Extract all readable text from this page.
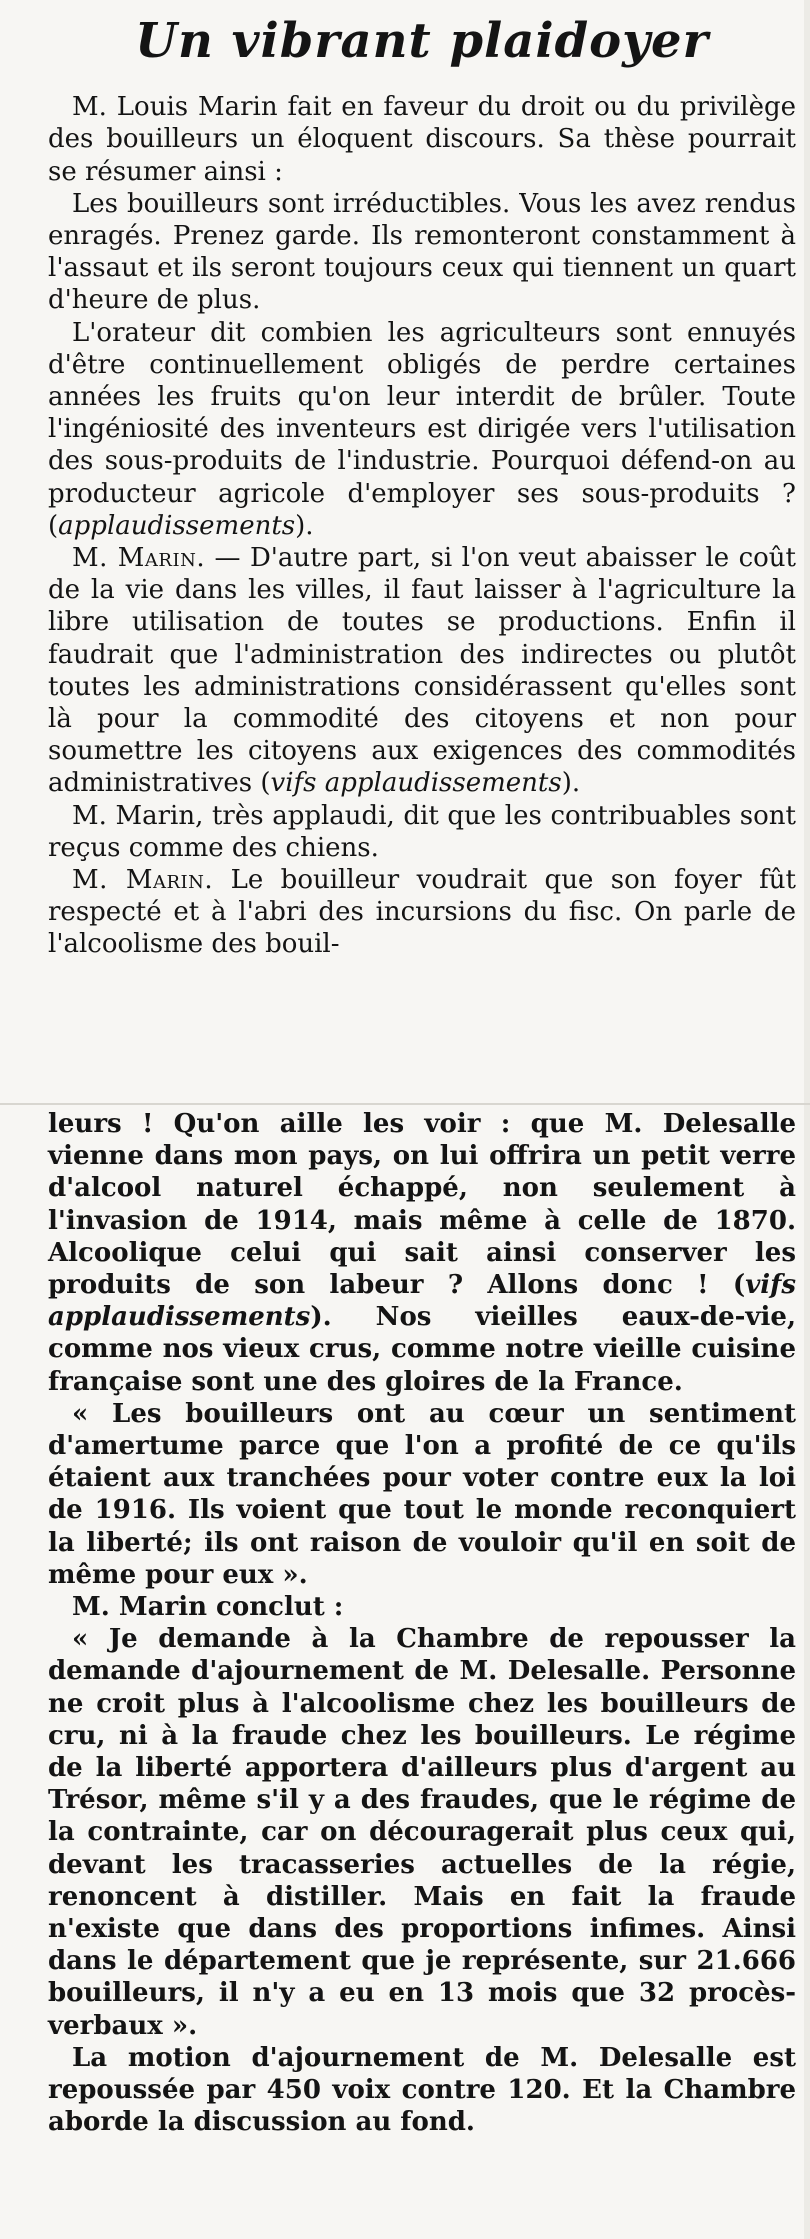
Un vibrant plaidoyer

M. Louis Marin fait en faveur du droit ou du privilège des bouilleurs un éloquent discours. Sa thèse pourrait se résumer ainsi :

Les bouilleurs sont irréductibles. Vous les avez rendus enragés. Prenez garde. Ils remonteront constamment à l'assaut et ils seront toujours ceux qui tiennent un quart d'heure de plus.

L'orateur dit combien les agriculteurs sont ennuyés d'être continuellement obligés de perdre certaines années les fruits qu'on leur interdit de brûler. Toute l'ingéniosité des inventeurs est dirigée vers l'utilisation des sous-produits de l'industrie. Pourquoi défend-on au producteur agricole d'employer ses sous-produits ? (applaudissements).

M. Marin. — D'autre part, si l'on veut abaisser le coût de la vie dans les villes, il faut laisser à l'agriculture la libre utilisation de toutes se productions. Enfin il faudrait que l'administration des indirectes ou plutôt toutes les administrations considérassent qu'elles sont là pour la commodité des citoyens et non pour soumettre les citoyens aux exigences des commodités administratives (vifs applaudissements).

M. Marin, très applaudi, dit que les contribuables sont reçus comme des chiens.

M. Marin. Le bouilleur voudrait que son foyer fût respecté et à l'abri des incursions du fisc. On parle de l'alcoolisme des bouil-

leurs ! Qu'on aille les voir : que M. Delesalle vienne dans mon pays, on lui offrira un petit verre d'alcool naturel échappé, non seulement à l'invasion de 1914, mais même à celle de 1870. Alcoolique celui qui sait ainsi conserver les produits de son labeur ? Allons donc ! (vifs applaudissements). Nos vieilles eaux-de-vie, comme nos vieux crus, comme notre vieille cuisine française sont une des gloires de la France.

« Les bouilleurs ont au cœur un sentiment d'amertume parce que l'on a profité de ce qu'ils étaient aux tranchées pour voter contre eux la loi de 1916. Ils voient que tout le monde reconquiert la liberté; ils ont raison de vouloir qu'il en soit de même pour eux ».

M. Marin conclut :

« Je demande à la Chambre de repousser la demande d'ajournement de M. Delesalle. Personne ne croit plus à l'alcoolisme chez les bouilleurs de cru, ni à la fraude chez les bouilleurs. Le régime de la liberté apportera d'ailleurs plus d'argent au Trésor, même s'il y a des fraudes, que le régime de la contrainte, car on découragerait plus ceux qui, devant les tracasseries actuelles de la régie, renoncent à distiller. Mais en fait la fraude n'existe que dans des proportions infimes. Ainsi dans le département que je représente, sur 21.666 bouilleurs, il n'y a eu en 13 mois que 32 procès-verbaux ».

La motion d'ajournement de M. Delesalle est repoussée par 450 voix contre 120. Et la Chambre aborde la discussion au fond.
